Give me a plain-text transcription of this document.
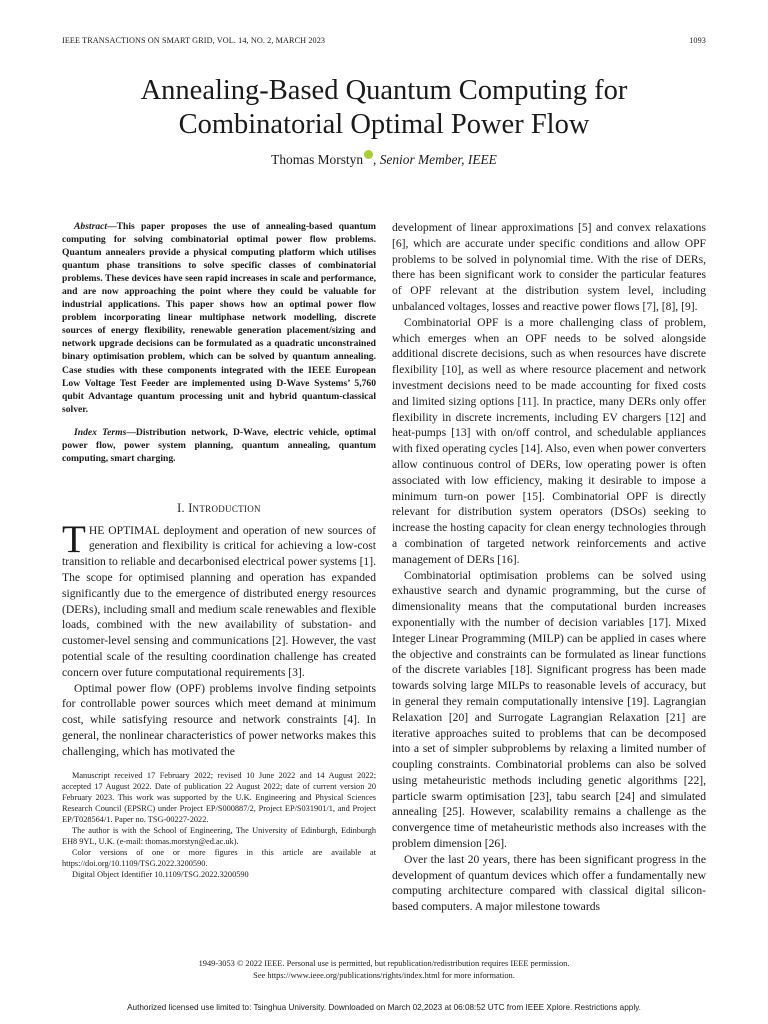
IEEE TRANSACTIONS ON SMART GRID, VOL. 14, NO. 2, MARCH 2023	1093
Annealing-Based Quantum Computing for
Combinatorial Optimal Power Flow
Thomas Morstyn , Senior Member, IEEE

Abstract—This paper proposes the use of annealing-based quantum computing for solving combinatorial optimal power flow problems. Quantum annealers provide a physical computing platform which utilises quantum phase transitions to solve specific classes of combinatorial problems. These devices have seen rapid increases in scale and performance, and are now approaching the point where they could be valuable for industrial applications. This paper shows how an optimal power flow problem incorporating linear multiphase network modelling, discrete sources of energy flexibility, renewable generation placement/sizing and network upgrade decisions can be formulated as a quadratic unconstrained binary optimisation problem, which can be solved by quantum annealing. Case studies with these components integrated with the IEEE European Low Voltage Test Feeder are implemented using D-Wave Systems’ 5,760 qubit Advantage quantum processing unit and hybrid quantum-classical solver.

Index Terms—Distribution network, D-Wave, electric vehicle, optimal power flow, power system planning, quantum annealing, quantum computing, smart charging.

I. Introduction

THE OPTIMAL deployment and operation of new sources of generation and flexibility is critical for achieving a low-cost transition to reliable and decarbonised electrical power systems [1]. The scope for optimised planning and operation has expanded significantly due to the emergence of distributed energy resources (DERs), including small and medium scale renewables and flexible loads, combined with the new availability of substation- and customer-level sensing and communications [2]. However, the vast potential scale of the resulting coordination challenge has created concern over future computational requirements [3].

Optimal power flow (OPF) problems involve finding setpoints for controllable power sources which meet demand at minimum cost, while satisfying resource and network constraints [4]. In general, the nonlinear characteristics of power networks makes this challenging, which has motivated the

Manuscript received 17 February 2022; revised 10 June 2022 and 14 August 2022; accepted 17 August 2022. Date of publication 22 August 2022; date of current version 20 February 2023. This work was supported by the U.K. Engineering and Physical Sciences Research Council (EPSRC) under Project EP/S000887/2, Project EP/S031901/1, and Project EP/T028564/1. Paper no. TSG-00227-2022.

The author is with the School of Engineering, The University of Edinburgh, Edinburgh EH8 9YL, U.K. (e-mail: thomas.morstyn@ed.ac.uk).

Color versions of one or more figures in this article are available at https://doi.org/10.1109/TSG.2022.3200590.

Digital Object Identifier 10.1109/TSG.2022.3200590

development of linear approximations [5] and convex relaxations [6], which are accurate under specific conditions and allow OPF problems to be solved in polynomial time. With the rise of DERs, there has been significant work to consider the particular features of OPF relevant at the distribution system level, including unbalanced voltages, losses and reactive power flows [7], [8], [9].

Combinatorial OPF is a more challenging class of problem, which emerges when an OPF needs to be solved alongside additional discrete decisions, such as when resources have discrete flexibility [10], as well as where resource placement and network investment decisions need to be made accounting for fixed costs and limited sizing options [11]. In practice, many DERs only offer flexibility in discrete increments, including EV chargers [12] and heat-pumps [13] with on/off control, and schedulable appliances with fixed operating cycles [14]. Also, even when power converters allow continuous control of DERs, low operating power is often associated with low efficiency, making it desirable to impose a minimum turn-on power [15]. Combinatorial OPF is directly relevant for distribution system operators (DSOs) seeking to increase the hosting capacity for clean energy technologies through a combination of targeted network reinforcements and active management of DERs [16].

Combinatorial optimisation problems can be solved using exhaustive search and dynamic programming, but the curse of dimensionality means that the computational burden increases exponentially with the number of decision variables [17]. Mixed Integer Linear Programming (MILP) can be applied in cases where the objective and constraints can be formulated as linear functions of the discrete variables [18]. Significant progress has been made towards solving large MILPs to reasonable levels of accuracy, but in general they remain computationally intensive [19]. Lagrangian Relaxation [20] and Surrogate Lagrangian Relaxation [21] are iterative approaches suited to problems that can be decomposed into a set of simpler subproblems by relaxing a limited number of coupling constraints. Combinatorial problems can also be solved using metaheuristic methods including genetic algorithms [22], particle swarm optimisation [23], tabu search [24] and simulated annealing [25]. However, scalability remains a challenge as the convergence time of metaheuristic methods also increases with the problem dimension [26].

Over the last 20 years, there has been significant progress in the development of quantum devices which offer a fundamentally new computing architecture compared with classical digital silicon-based computers. A major milestone towards

1949-3053 © 2022 IEEE. Personal use is permitted, but republication/redistribution requires IEEE permission.
See https://www.ieee.org/publications/rights/index.html for more information.
Authorized licensed use limited to: Tsinghua University. Downloaded on March 02,2023 at 06:08:52 UTC from IEEE Xplore. Restrictions apply.
